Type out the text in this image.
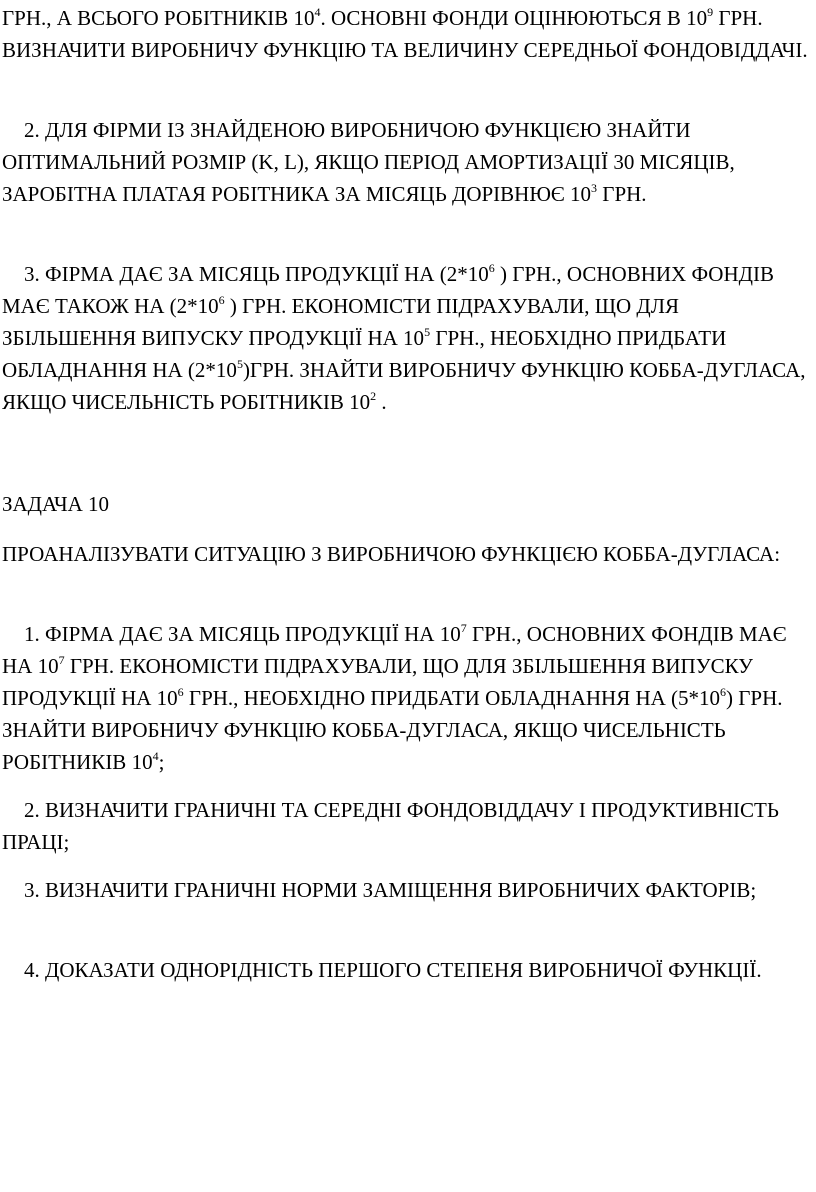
ГРН., А ВСЬОГО РОБІТНИКІВ $10^4$. ОСНОВНІ ФОНДИ ОЦІНЮЮТЬСЯ В $10^9$ ГРН. ВИЗНАЧИТИ ВИРОБНИЧУ ФУНКЦІЮ ТА ВЕЛИЧИНУ СЕРЕДНЬОЇ ФОНДОВІДДАЧІ.

2. ДЛЯ ФІРМИ ІЗ ЗНАЙДЕНОЮ ВИРОБНИЧОЮ ФУНКЦІЄЮ ЗНАЙТИ ОПТИМАЛЬНИЙ РОЗМІР (K, L), ЯКЩО ПЕРІОД АМОРТИЗАЦІЇ 30 МІСЯЦІВ, ЗАРОБІТНА ПЛАТАЯ РОБІТНИКА ЗА МІСЯЦЬ ДОРІВНЮЄ $10^3$ ГРН.

3. ФІРМА ДАЄ ЗА МІСЯЦЬ ПРОДУКЦІЇ НА ($2*10^6$ ) ГРН., ОСНОВНИХ ФОНДІВ МАЄ ТАКОЖ НА ($2*10^6$ ) ГРН. ЕКОНОМІСТИ ПІДРАХУВАЛИ, ЩО ДЛЯ ЗБІЛЬШЕННЯ ВИПУСКУ ПРОДУКЦІЇ НА $10^5$ ГРН., НЕОБХІДНО ПРИДБАТИ ОБЛАДНАННЯ НА $(2*10^5)ГРН$. ЗНАЙТИ ВИРОБНИЧУ ФУНКЦІЮ КОББА-ДУГЛАСА, ЯКЩО ЧИСЕЛЬНІСТЬ РОБІТНИКІВ $10^2$ .

ЗАДАЧА 10

ПРОАНАЛІЗУВАТИ СИТУАЦІЮ З ВИРОБНИЧОЮ ФУНКЦІЄЮ КОББА-ДУГЛАСА:

1. ФІРМА ДАЄ ЗА МІСЯЦЬ ПРОДУКЦІЇ НА $10^7$ ГРН., ОСНОВНИХ ФОНДІВ МАЄ НА $10^7$ ГРН. ЕКОНОМІСТИ ПІДРАХУВАЛИ, ЩО ДЛЯ ЗБІЛЬШЕННЯ ВИПУСКУ ПРОДУКЦІЇ НА $10^6$ ГРН., НЕОБХІДНО ПРИДБАТИ ОБЛАДНАННЯ НА $(5*10^6)$ ГРН. ЗНАЙТИ ВИРОБНИЧУ ФУНКЦІЮ КОББА-ДУГЛАСА, ЯКЩО ЧИСЕЛЬНІСТЬ РОБІТНИКІВ $10^4$;

2. ВИЗНАЧИТИ ГРАНИЧНІ ТА СЕРЕДНІ ФОНДОВІДДАЧУ І ПРОДУКТИВНІСТЬ ПРАЦІ;

3. ВИЗНАЧИТИ ГРАНИЧНІ НОРМИ ЗАМІЩЕННЯ ВИРОБНИЧИХ ФАКТОРІВ;

4. ДОКАЗАТИ ОДНОРІДНІСТЬ ПЕРШОГО СТЕПЕНЯ ВИРОБНИЧОЇ ФУНКЦІЇ.
